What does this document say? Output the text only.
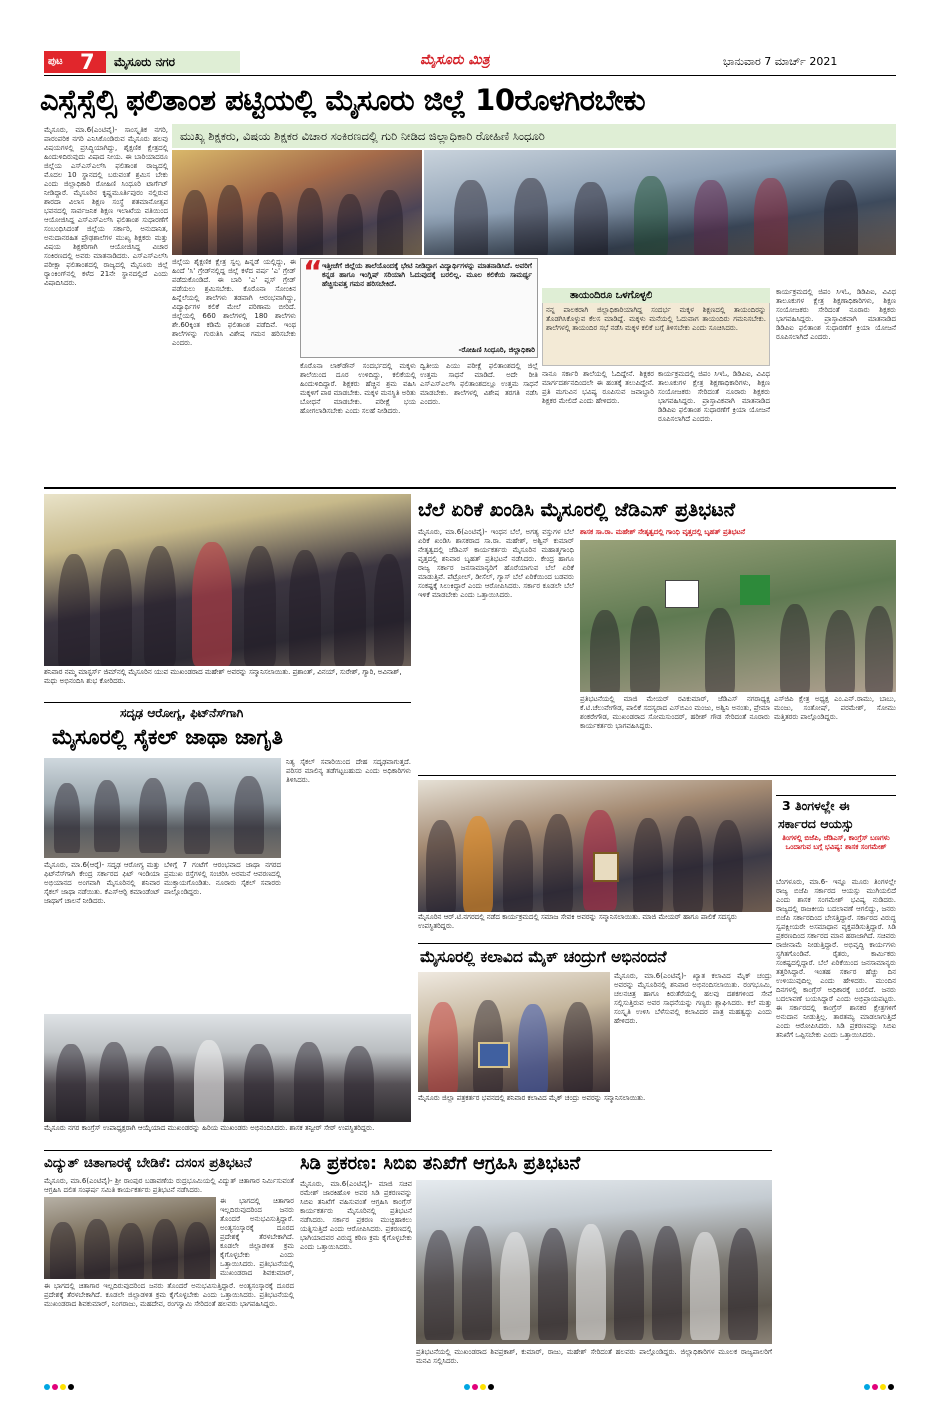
ಪುಟ 7 ಮೈಸೂರು ನಗರ	ಮೈಸೂರು ಮಿತ್ರ	ಭಾನುವಾರ 7 ಮಾರ್ಚ್ 2021
ಎಸ್ಸೆಸ್ಸೆಲ್ಸಿ ಫಲಿತಾಂಶ ಪಟ್ಟಿಯಲ್ಲಿ ಮೈಸೂರು ಜಿಲ್ಲೆ 10ರೊಳಗಿರಬೇಕು
ಮುಖ್ಯ ಶಿಕ್ಷಕರು, ವಿಷಯ ಶಿಕ್ಷಕರ ವಿಚಾರ ಸಂಕಿರಣದಲ್ಲಿ ಗುರಿ ನೀಡಿದ ಜಿಲ್ಲಾಧಿಕಾರಿ ರೋಹಿಣಿ ಸಿಂಧೂರಿ
ಮೈಸೂರು, ಮಾ.6(ಎಂಟಿವೈ)- ಸಾಂಸ್ಕೃತಿಕ ನಗರಿ, ಪಾರಂಪರಿಕ ನಗರಿ ಎನಿಸಿಕೊಂಡಿರುವ ಮೈಸೂರು ಹಲವು ವಿಷಯಗಳಲ್ಲಿ ಪ್ರಸಿದ್ಧಿಯಾಗಿದ್ದು, ಶೈಕ್ಷಣಿಕ ಕ್ಷೇತ್ರದಲ್ಲಿ ಹಿಂದುಳಿದಿರುವುದು ವಿಷಾದ ನೀಯ. ಈ ಬಾರಿಯಾದರೂ ಜಿಲ್ಲೆಯ ಎಸ್‍ಎಸ್‍ಎಲ್‍ಸಿ ಫಲಿತಾಂಶ ರಾಜ್ಯದಲ್ಲಿ ಮೊದಲ 10 ಸ್ಥಾನದಲ್ಲಿ ಬರುವಂತೆ ಶ್ರಮಿಸ ಬೇಕು ಎಂದು ಜಿಲ್ಲಾಧಿಕಾರಿ ರೋಹಿಣಿ ಸಿಂಧೂರಿ ಟಾರ್ಗೆಟ್ ನೀಡಿದ್ದಾರೆ. ಮೈಸೂರಿನ ಕೃಷ್ಣಮೂರ್ತಿಪುರಂ ನಲ್ಲಿರುವ ಶಾರದಾ ವಿಲಾಸ ಶಿಕ್ಷಣ ಸಂಸ್ಥೆ ಶತಮಾನೋತ್ಸವ ಭವನದಲ್ಲಿ ಸಾರ್ವಜನಿಕ ಶಿಕ್ಷಣ ಇಲಾಖೆಯ ವತಿಯಿಂದ ಆಯೋಜಿಸಿದ್ದ ಎಸ್‍ಎಸ್‍ಎಲ್‍ಸಿ ಫಲಿತಾಂಶ ಸುಧಾರಣೆಗೆ ಸಂಬಂಧಿಸಿದಂತೆ ಜಿಲ್ಲೆಯ ಸರ್ಕಾರಿ, ಅನುದಾನಿತ, ಅನುದಾನರಹಿತ ಪ್ರೌಢಶಾಲೆಗಳ ಮುಖ್ಯ ಶಿಕ್ಷಕರು ಮತ್ತು ವಿಷಯ ಶಿಕ್ಷಕರಿಗಾಗಿ ಆಯೋಜಿಸಿದ್ದ ವಿಚಾರ ಸಂಕಿರಣದಲ್ಲಿ ಅವರು ಮಾತನಾಡಿದರು. ಎಸ್‍ಎಸ್‍ಎಲ್‍ಸಿ ಪರೀಕ್ಷಾ ಫಲಿತಾಂಶದಲ್ಲಿ ರಾಜ್ಯದಲ್ಲಿ ಮೈಸೂರು ಜಿಲ್ಲೆ ರ‍್ಯಾಂಕಿಂಗ್‍ನಲ್ಲಿ ಕಳೆದ 21ನೇ ಸ್ಥಾನದಲ್ಲಿದೆ ಎಂದು ವಿಷಾದಿಸಿದರು.
ಜಿಲ್ಲೆಯ ಶೈಕ್ಷಣಿಕ ಕ್ಷೇತ್ರ ಸ್ವಲ್ಪ ಹಿನ್ನಡೆ ಯಲ್ಲಿದ್ದು, ಈ ಹಿಂದೆ 'ಸಿ' ಗ್ರೇಡ್‍ನಲ್ಲಿದ್ದ ಜಿಲ್ಲೆ ಕಳೆದ ವರ್ಷ 'ಎ' ಗ್ರೇಡ್ ಪಡೆದುಕೊಂಡಿದೆ. ಈ ಬಾರಿ 'ಎ' ಪ್ಲಸ್ ಗ್ರೇಡ್ ಪಡೆಯಲು ಶ್ರಮಿಸಬೇಕು. ಕೊರೊನಾ ಸೋಂಕಿನ ಹಿನ್ನೆಲೆಯಲ್ಲಿ ಶಾಲೆಗಳು ತಡವಾಗಿ ಆರಂಭವಾಗಿದ್ದು, ವಿದ್ಯಾರ್ಥಿಗಳ ಕಲಿಕೆ ಮೇಲೆ ಪರಿಣಾಮ ಬೀರಿದೆ. ಜಿಲ್ಲೆಯಲ್ಲಿ 660 ಶಾಲೆಗಳಲ್ಲಿ 180 ಶಾಲೆಗಳು ಶೇ.60ಕ್ಕಿಂತ ಕಡಿಮೆ ಫಲಿತಾಂಶ ಪಡೆದಿವೆ. ಇಂಥ ಶಾಲೆಗಳನ್ನು ಗುರುತಿಸಿ ವಿಶೇಷ ಗಮನ ಹರಿಸಬೇಕು ಎಂದರು.
“ ಇತ್ತೀಚೆಗೆ ಜಿಲ್ಲೆಯ ಶಾಲೆಯೊಂದಕ್ಕೆ ಭೇಟಿ ನೀಡಿದ್ದಾಗ ವಿದ್ಯಾರ್ಥಿಗಳನ್ನು ಮಾತನಾಡಿಸಿದೆ. ಅವರಿಗೆ ಕನ್ನಡ ಹಾಗೂ ಇಂಗ್ಲಿಷ್ ಸರಿಯಾಗಿ ಓದುವುದಕ್ಕೆ ಬರಲಿಲ್ಲ. ಮೂಲ ಕಲಿಕೆಯ ಸಾಮರ್ಥ್ಯ ಹೆಚ್ಚಿಸುವತ್ತ ಗಮನ ಹರಿಸಬೇಕಿದೆ.
-ರೋಹಿಣಿ ಸಿಂಧೂರಿ, ಜಿಲ್ಲಾಧಿಕಾರಿ
ಕೊರೊನಾ ಲಾಕ್‍ಡೌನ್ ಸಂದರ್ಭದಲ್ಲಿ ಮಕ್ಕಳು ಶಾಲೆಯಿಂದ ದೂರ ಉಳಿದಿದ್ದು, ಕಲಿಕೆಯಲ್ಲಿ ಹಿಂದುಳಿದಿದ್ದಾರೆ. ಶಿಕ್ಷಕರು ಹೆಚ್ಚಿನ ಶ್ರಮ ವಹಿಸಿ ಮಕ್ಕಳಿಗೆ ಪಾಠ ಮಾಡಬೇಕು. ಮಕ್ಕಳ ಮನಸ್ಥಿತಿ ಅರಿತು ಬೋಧನೆ ಮಾಡಬೇಕು. ಪರೀಕ್ಷೆ ಭಯ ಹೋಗಲಾಡಿಸಬೇಕು ಎಂದು ಸಲಹೆ ನೀಡಿದರು.
ದ್ವಿತೀಯ ಪಿಯು ಪರೀಕ್ಷೆ ಫಲಿತಾಂಶದಲ್ಲಿ ಜಿಲ್ಲೆ ಉತ್ತಮ ಸಾಧನೆ ಮಾಡಿದೆ. ಅದೇ ರೀತಿ ಎಸ್‍ಎಸ್‍ಎಲ್‍ಸಿ ಫಲಿತಾಂಶದಲ್ಲೂ ಉತ್ತಮ ಸಾಧನೆ ಮಾಡಬೇಕು. ಶಾಲೆಗಳಲ್ಲಿ ವಿಶೇಷ ತರಗತಿ ನಡೆಸಿ ಎಂದರು.
ತಾಯಂದಿರೂ ಒಳಗೊಳ್ಳಲಿ
ನನ್ನ ಪಾಲಕರಾಗಿ ಜಿಲ್ಲಾಧಿಕಾರಿಯಾಗಿದ್ದ ಸಂದರ್ಭ ಮಕ್ಕಳ ಶಿಕ್ಷಣದಲ್ಲಿ ತಾಯಂದಿರನ್ನು ತೊಡಗಿಸಿಕೊಳ್ಳುವ ಕೆಲಸ ಮಾಡಿದ್ದೆ. ಮಕ್ಕಳು ಮನೆಯಲ್ಲಿ ಓದುವಾಗ ತಾಯಂದಿರು ಗಮನಿಸಬೇಕು. ಶಾಲೆಗಳಲ್ಲಿ ತಾಯಂದಿರ ಸಭೆ ನಡೆಸಿ ಮಕ್ಕಳ ಕಲಿಕೆ ಬಗ್ಗೆ ತಿಳಿಸಬೇಕು ಎಂದು ಸೂಚಿಸಿದರು.
ನಾನೂ ಸರ್ಕಾರಿ ಶಾಲೆಯಲ್ಲಿ ಓದಿದ್ದೇನೆ. ಶಿಕ್ಷಕರ ಮಾರ್ಗದರ್ಶನದಿಂದಲೇ ಈ ಹಂತಕ್ಕೆ ತಲುಪಿದ್ದೇನೆ. ಪ್ರತಿ ಮಗುವಿನ ಭವಿಷ್ಯ ರೂಪಿಸುವ ಜವಾಬ್ದಾರಿ ಶಿಕ್ಷಕರ ಮೇಲಿದೆ ಎಂದು ಹೇಳಿದರು.
ಕಾರ್ಯಕ್ರಮದಲ್ಲಿ ಜಿಪಂ ಸಿಇಓ, ಡಿಡಿಪಿಐ, ವಿವಿಧ ತಾಲೂಕುಗಳ ಕ್ಷೇತ್ರ ಶಿಕ್ಷಣಾಧಿಕಾರಿಗಳು, ಶಿಕ್ಷಣ ಸಂಯೋಜಕರು ಸೇರಿದಂತೆ ನೂರಾರು ಶಿಕ್ಷಕರು ಭಾಗವಹಿಸಿದ್ದರು. ಪ್ರಾಸ್ತಾವಿಕವಾಗಿ ಮಾತನಾಡಿದ ಡಿಡಿಪಿಐ ಫಲಿತಾಂಶ ಸುಧಾರಣೆಗೆ ಕ್ರಿಯಾ ಯೋಜನೆ ರೂಪಿಸಲಾಗಿದೆ ಎಂದರು.
ಕಾರ್ಯಕ್ರಮದಲ್ಲಿ ಜಿಪಂ ಸಿಇಓ, ಡಿಡಿಪಿಐ, ವಿವಿಧ ತಾಲೂಕುಗಳ ಕ್ಷೇತ್ರ ಶಿಕ್ಷಣಾಧಿಕಾರಿಗಳು, ಶಿಕ್ಷಣ ಸಂಯೋಜಕರು ಸೇರಿದಂತೆ ನೂರಾರು ಶಿಕ್ಷಕರು ಭಾಗವಹಿಸಿದ್ದರು. ಪ್ರಾಸ್ತಾವಿಕವಾಗಿ ಮಾತನಾಡಿದ ಡಿಡಿಪಿಐ ಫಲಿತಾಂಶ ಸುಧಾರಣೆಗೆ ಕ್ರಿಯಾ ಯೋಜನೆ ರೂಪಿಸಲಾಗಿದೆ ಎಂದರು.
ಶನಿವಾರ ನಮ್ಮ ಮಾಸ್ಟರ್ಸ್ ಜಿಮ್‍ನಲ್ಲಿ ಮೈಸೂರಿನ ಯುವ ಮುಖಂಡರಾದ ಮಹೇಶ್ ಅವರನ್ನು ಸನ್ಮಾನಿಸಲಾಯಿತು. ಪ್ರಶಾಂತ್, ವಿನಯ್, ಸುರೇಶ್, ಗ್ಯಾರಿ, ಅವಿನಾಶ್, ಮಧು ಅಭಿನಂದಿಸಿ ಶುಭ ಕೋರಿದರು.
ಬೆಲೆ ಏರಿಕೆ ಖಂಡಿಸಿ ಮೈಸೂರಲ್ಲಿ ಜೆಡಿಎಸ್ ಪ್ರತಿಭಟನೆ
ಮೈಸೂರು, ಮಾ.6(ಎಂಟಿವೈ)- ಇಂಧನ ಬೆಲೆ, ಅಗತ್ಯ ವಸ್ತುಗಳ ಬೆಲೆ ಏರಿಕೆ ಖಂಡಿಸಿ ಶಾಸಕರಾದ ಸಾ.ರಾ. ಮಹೇಶ್, ಅಶ್ವಿನ್ ಕುಮಾರ್ ನೇತೃತ್ವದಲ್ಲಿ ಜೆಡಿಎಸ್ ಕಾರ್ಯಕರ್ತರು ಮೈಸೂರಿನ ಮಹಾತ್ಮಗಾಂಧಿ ವೃತ್ತದಲ್ಲಿ ಶನಿವಾರ ಬೃಹತ್ ಪ್ರತಿಭಟನೆ ನಡೆಸಿದರು. ಕೇಂದ್ರ ಹಾಗೂ ರಾಜ್ಯ ಸರ್ಕಾರ ಜನಸಾಮಾನ್ಯರಿಗೆ ಹೊರೆಯಾಗುವ ಬೆಲೆ ಏರಿಕೆ ಮಾಡುತ್ತಿವೆ. ಪೆಟ್ರೋಲ್, ಡೀಸೆಲ್, ಗ್ಯಾಸ್ ಬೆಲೆ ಏರಿಕೆಯಿಂದ ಬಡವರು ಸಂಕಷ್ಟಕ್ಕೆ ಸಿಲುಕಿದ್ದಾರೆ ಎಂದು ಆರೋಪಿಸಿದರು. ಸರ್ಕಾರ ಕೂಡಲೇ ಬೆಲೆ ಇಳಿಕೆ ಮಾಡಬೇಕು ಎಂದು ಒತ್ತಾಯಿಸಿದರು.
ಶಾಸಕ ಸಾ.ರಾ. ಮಹೇಶ್ ನೇತೃತ್ವದಲ್ಲಿ ಗಾಂಧಿ ವೃತ್ತದಲ್ಲಿ ಬೃಹತ್ ಪ್ರತಿಭಟನೆ
ಪ್ರತಿಭಟನೆಯಲ್ಲಿ ಮಾಜಿ ಮೇಯರ್ ರವಿಕುಮಾರ್, ಜೆಡಿಎಸ್ ನಗರಾಧ್ಯಕ್ಷ ಕೆ.ಟಿ.ಚೆಲುವೇಗೌಡ, ಪಾಲಿಕೆ ಸದಸ್ಯರಾದ ಎಸ್‍ಬಿಎಂ ಮಂಜು, ಅಶ್ವಿನಿ ಅನಂತು, ಪ್ರೇಮಾ ಶಂಕರೇಗೌಡ, ಮುಖಂಡರಾದ ಸೋಮಸುಂದರ್, ಹರೀಶ್ ಗೌಡ ಸೇರಿದಂತೆ ನೂರಾರು ಕಾರ್ಯಕರ್ತರು ಭಾಗವಹಿಸಿದ್ದರು.
ಎಸ್‍ಜಿಪಿ ಕ್ಷೇತ್ರ ಅಧ್ಯಕ್ಷ ಎಂ.ಎನ್.ರಾಮು, ಬಾಬು, ಮಂಜು, ಸಂತೋಷ್, ಪರಮೇಶ್, ಸೋಮು ಮತ್ತಿತರರು ಪಾಲ್ಗೊಂಡಿದ್ದರು.
ಸದೃಢ ಆರೋಗ್ಯ, ಫಿಟ್‍ನೆಸ್‍ಗಾಗಿ
ಮೈಸೂರಲ್ಲಿ ಸೈಕಲ್ ಜಾಥಾ ಜಾಗೃತಿ
ಮೈಸೂರು, ಮಾ.6(ಆರ್‍ಕೆ)- ಸದೃಢ ಆರೋಗ್ಯ ಮತ್ತು ಫಿಟ್‍ನೆಸ್‍ಗಾಗಿ ಕೇಂದ್ರ ಸರ್ಕಾರದ ಫಿಟ್ ಇಂಡಿಯಾ ಅಭಿಯಾನದ ಅಂಗವಾಗಿ ಮೈಸೂರಿನಲ್ಲಿ ಶನಿವಾರ ಸೈಕಲ್ ಜಾಥಾ ನಡೆಯಿತು. ಕೆಎಸ್‍ಆರ್‍ಪಿ ಕಮಾಂಡೆಂಟ್ ಜಾಥಾಗೆ ಚಾಲನೆ ನೀಡಿದರು.
ಬೆಳಿಗ್ಗೆ 7 ಗಂಟೆಗೆ ಆರಂಭವಾದ ಜಾಥಾ ನಗರದ ಪ್ರಮುಖ ರಸ್ತೆಗಳಲ್ಲಿ ಸಂಚರಿಸಿ ಅರಮನೆ ಆವರಣದಲ್ಲಿ ಮುಕ್ತಾಯಗೊಂಡಿತು. ನೂರಾರು ಸೈಕಲ್ ಸವಾರರು ಪಾಲ್ಗೊಂಡಿದ್ದರು.
ನಿತ್ಯ ಸೈಕಲ್ ಸವಾರಿಯಿಂದ ದೇಹ ಸದೃಢವಾಗುತ್ತದೆ. ಪರಿಸರ ಮಾಲಿನ್ಯ ತಡೆಗಟ್ಟಬಹುದು ಎಂದು ಅಧಿಕಾರಿಗಳು ತಿಳಿಸಿದರು.
ಮೈಸೂರು ನಗರ ಕಾಂಗ್ರೆಸ್ ಉಪಾಧ್ಯಕ್ಷರಾಗಿ ಆಯ್ಕೆಯಾದ ಮುಖಂಡರನ್ನು ಹಿರಿಯ ಮುಖಂಡರು ಅಭಿನಂದಿಸಿದರು. ಶಾಸಕ ತನ್ವೀರ್ ಸೇಠ್ ಉಪಸ್ಥಿತರಿದ್ದರು.
ಮೈಸೂರಿನ ಆರ್.ಟಿ.ನಗರದಲ್ಲಿ ನಡೆದ ಕಾರ್ಯಕ್ರಮದಲ್ಲಿ ಸಮಾಜ ಸೇವಕಿ ಅವರನ್ನು ಸನ್ಮಾನಿಸಲಾಯಿತು. ಮಾಜಿ ಮೇಯರ್ ಹಾಗೂ ಪಾಲಿಕೆ ಸದಸ್ಯರು ಉಪಸ್ಥಿತರಿದ್ದರು.
ಮೈಸೂರಲ್ಲಿ ಕಲಾವಿದ ಮೈಕ್ ಚಂದ್ರುಗೆ ಅಭಿನಂದನೆ
ಮೈಸೂರು, ಮಾ.6(ಎಂಟಿವೈ)- ಖ್ಯಾತ ಕಲಾವಿದ ಮೈಕ್ ಚಂದ್ರು ಅವರನ್ನು ಮೈಸೂರಿನಲ್ಲಿ ಶನಿವಾರ ಅಭಿನಂದಿಸಲಾಯಿತು. ರಂಗಭೂಮಿ, ಚಲನಚಿತ್ರ ಹಾಗೂ ಕಿರುತೆರೆಯಲ್ಲಿ ಹಲವು ದಶಕಗಳಿಂದ ಸೇವೆ ಸಲ್ಲಿಸುತ್ತಿರುವ ಅವರ ಸಾಧನೆಯನ್ನು ಗಣ್ಯರು ಶ್ಲಾಘಿಸಿದರು. ಕಲೆ ಮತ್ತು ಸಂಸ್ಕೃತಿ ಉಳಿಸಿ ಬೆಳೆಸುವಲ್ಲಿ ಕಲಾವಿದರ ಪಾತ್ರ ಮಹತ್ವದ್ದು ಎಂದು ಹೇಳಿದರು.
ಮೈಸೂರು ಜಿಲ್ಲಾ ಪತ್ರಕರ್ತರ ಭವನದಲ್ಲಿ ಶನಿವಾರ ಕಲಾವಿದ ಮೈಕ್ ಚಂದ್ರು ಅವರನ್ನು ಸನ್ಮಾನಿಸಲಾಯಿತು.
3 ತಿಂಗಳಲ್ಲೇ ಈ
ಸರ್ಕಾರದ ಆಯಸ್ಸು
ತಿಂಗಳಲ್ಲಿ ಬಿಜೆಪಿ, ಜೆಡಿಎಸ್, ಕಾಂಗ್ರೆಸ್ ಬಣಗಳು ಒಂದಾಗುವ ಬಗ್ಗೆ ಭವಿಷ್ಯ: ಶಾಸಕ ಸಂಗಮೇಶ್
ಬೆಂಗಳೂರು, ಮಾ.6- ಇನ್ನೂ ಮೂರು ತಿಂಗಳಲ್ಲೇ ರಾಜ್ಯ ಬಿಜೆಪಿ ಸರ್ಕಾರದ ಆಯಸ್ಸು ಮುಗಿಯಲಿದೆ ಎಂದು ಶಾಸಕ ಸಂಗಮೇಶ್ ಭವಿಷ್ಯ ನುಡಿದರು. ರಾಜ್ಯದಲ್ಲಿ ರಾಜಕೀಯ ಬದಲಾವಣೆ ಆಗಲಿದ್ದು, ಜನರು ಬಿಜೆಪಿ ಸರ್ಕಾರದಿಂದ ಬೇಸತ್ತಿದ್ದಾರೆ. ಸರ್ಕಾರದ ವಿರುದ್ಧ ಸ್ವಪಕ್ಷೀಯರೇ ಅಸಮಾಧಾನ ವ್ಯಕ್ತಪಡಿಸುತ್ತಿದ್ದಾರೆ. ಸಿಡಿ ಪ್ರಕರಣದಿಂದ ಸರ್ಕಾರದ ಮಾನ ಹರಾಜಾಗಿದೆ. ಸಚಿವರು ರಾಜೀನಾಮೆ ನೀಡುತ್ತಿದ್ದಾರೆ. ಅಭಿವೃದ್ಧಿ ಕಾರ್ಯಗಳು ಸ್ಥಗಿತಗೊಂಡಿವೆ. ರೈತರು, ಕಾರ್ಮಿಕರು ಸಂಕಷ್ಟದಲ್ಲಿದ್ದಾರೆ. ಬೆಲೆ ಏರಿಕೆಯಿಂದ ಜನಸಾಮಾನ್ಯರು ತತ್ತರಿಸಿದ್ದಾರೆ. ಇಂತಹ ಸರ್ಕಾರ ಹೆಚ್ಚು ದಿನ ಉಳಿಯುವುದಿಲ್ಲ ಎಂದು ಹೇಳಿದರು. ಮುಂದಿನ ದಿನಗಳಲ್ಲಿ ಕಾಂಗ್ರೆಸ್ ಅಧಿಕಾರಕ್ಕೆ ಬರಲಿದೆ. ಜನರು ಬದಲಾವಣೆ ಬಯಸಿದ್ದಾರೆ ಎಂದು ಅಭಿಪ್ರಾಯಪಟ್ಟರು. ಈ ಸರ್ಕಾರದಲ್ಲಿ ಕಾಂಗ್ರೆಸ್ ಶಾಸಕರ ಕ್ಷೇತ್ರಗಳಿಗೆ ಅನುದಾನ ನೀಡುತ್ತಿಲ್ಲ. ತಾರತಮ್ಯ ಮಾಡಲಾಗುತ್ತಿದೆ ಎಂದು ಆರೋಪಿಸಿದರು. ಸಿಡಿ ಪ್ರಕರಣವನ್ನು ಸಿಬಿಐ ತನಿಖೆಗೆ ಒಪ್ಪಿಸಬೇಕು ಎಂದು ಒತ್ತಾಯಿಸಿದರು.
ವಿದ್ಯುತ್ ಚಿತಾಗಾರಕ್ಕೆ ಬೇಡಿಕೆ: ದಸಂಸ ಪ್ರತಿಭಟನೆ
ಮೈಸೂರು, ಮಾ.6(ಎಂಟಿವೈ)- ಶ್ರೀ ರಾಂಪುರ ಬಡಾವಣೆಯ ರುದ್ರಭೂಮಿಯಲ್ಲಿ ವಿದ್ಯುತ್ ಚಿತಾಗಾರ ನಿರ್ಮಿಸುವಂತೆ ಆಗ್ರಹಿಸಿ ದಲಿತ ಸಂಘರ್ಷ ಸಮಿತಿ ಕಾರ್ಯಕರ್ತರು ಪ್ರತಿಭಟನೆ ನಡೆಸಿದರು.
ಈ ಭಾಗದಲ್ಲಿ ಚಿತಾಗಾರ ಇಲ್ಲದಿರುವುದರಿಂದ ಜನರು ತೊಂದರೆ ಅನುಭವಿಸುತ್ತಿದ್ದಾರೆ. ಅಂತ್ಯಸಂಸ್ಕಾರಕ್ಕೆ ದೂರದ ಪ್ರದೇಶಕ್ಕೆ ತೆರಳಬೇಕಾಗಿದೆ. ಕೂಡಲೇ ಜಿಲ್ಲಾಡಳಿತ ಕ್ರಮ ಕೈಗೊಳ್ಳಬೇಕು ಎಂದು ಒತ್ತಾಯಿಸಿದರು. ಪ್ರತಿಭಟನೆಯಲ್ಲಿ ಮುಖಂಡರಾದ ಶಿವಕುಮಾರ್,
ಈ ಭಾಗದಲ್ಲಿ ಚಿತಾಗಾರ ಇಲ್ಲದಿರುವುದರಿಂದ ಜನರು ತೊಂದರೆ ಅನುಭವಿಸುತ್ತಿದ್ದಾರೆ. ಅಂತ್ಯಸಂಸ್ಕಾರಕ್ಕೆ ದೂರದ ಪ್ರದೇಶಕ್ಕೆ ತೆರಳಬೇಕಾಗಿದೆ. ಕೂಡಲೇ ಜಿಲ್ಲಾಡಳಿತ ಕ್ರಮ ಕೈಗೊಳ್ಳಬೇಕು ಎಂದು ಒತ್ತಾಯಿಸಿದರು. ಪ್ರತಿಭಟನೆಯಲ್ಲಿ ಮುಖಂಡರಾದ ಶಿವಕುಮಾರ್, ನಿಂಗರಾಜು, ಮಹದೇವ, ರಂಗಸ್ವಾಮಿ ಸೇರಿದಂತೆ ಹಲವರು ಭಾಗವಹಿಸಿದ್ದರು.
ಸಿಡಿ ಪ್ರಕರಣ: ಸಿಬಿಐ ತನಿಖೆಗೆ ಆಗ್ರಹಿಸಿ ಪ್ರತಿಭಟನೆ
ಮೈಸೂರು, ಮಾ.6(ಎಂಟಿವೈ)- ಮಾಜಿ ಸಚಿವ ರಮೇಶ್ ಜಾರಕಿಹೊಳಿ ಅವರ ಸಿಡಿ ಪ್ರಕರಣವನ್ನು ಸಿಬಿಐ ತನಿಖೆಗೆ ವಹಿಸುವಂತೆ ಆಗ್ರಹಿಸಿ ಕಾಂಗ್ರೆಸ್ ಕಾರ್ಯಕರ್ತರು ಮೈಸೂರಿನಲ್ಲಿ ಪ್ರತಿಭಟನೆ ನಡೆಸಿದರು. ಸರ್ಕಾರ ಪ್ರಕರಣ ಮುಚ್ಚಿಹಾಕಲು ಯತ್ನಿಸುತ್ತಿದೆ ಎಂದು ಆರೋಪಿಸಿದರು. ಪ್ರಕರಣದಲ್ಲಿ ಭಾಗಿಯಾದವರ ವಿರುದ್ಧ ಕಠಿಣ ಕ್ರಮ ಕೈಗೊಳ್ಳಬೇಕು ಎಂದು ಒತ್ತಾಯಿಸಿದರು.
ಪ್ರತಿಭಟನೆಯಲ್ಲಿ ಮುಖಂಡರಾದ ಶಿವಪ್ರಕಾಶ್, ಕುಮಾರ್, ರಾಜು, ಮಹೇಶ್ ಸೇರಿದಂತೆ ಹಲವರು ಪಾಲ್ಗೊಂಡಿದ್ದರು. ಜಿಲ್ಲಾಧಿಕಾರಿಗಳ ಮೂಲಕ ರಾಜ್ಯಪಾಲರಿಗೆ ಮನವಿ ಸಲ್ಲಿಸಿದರು.
